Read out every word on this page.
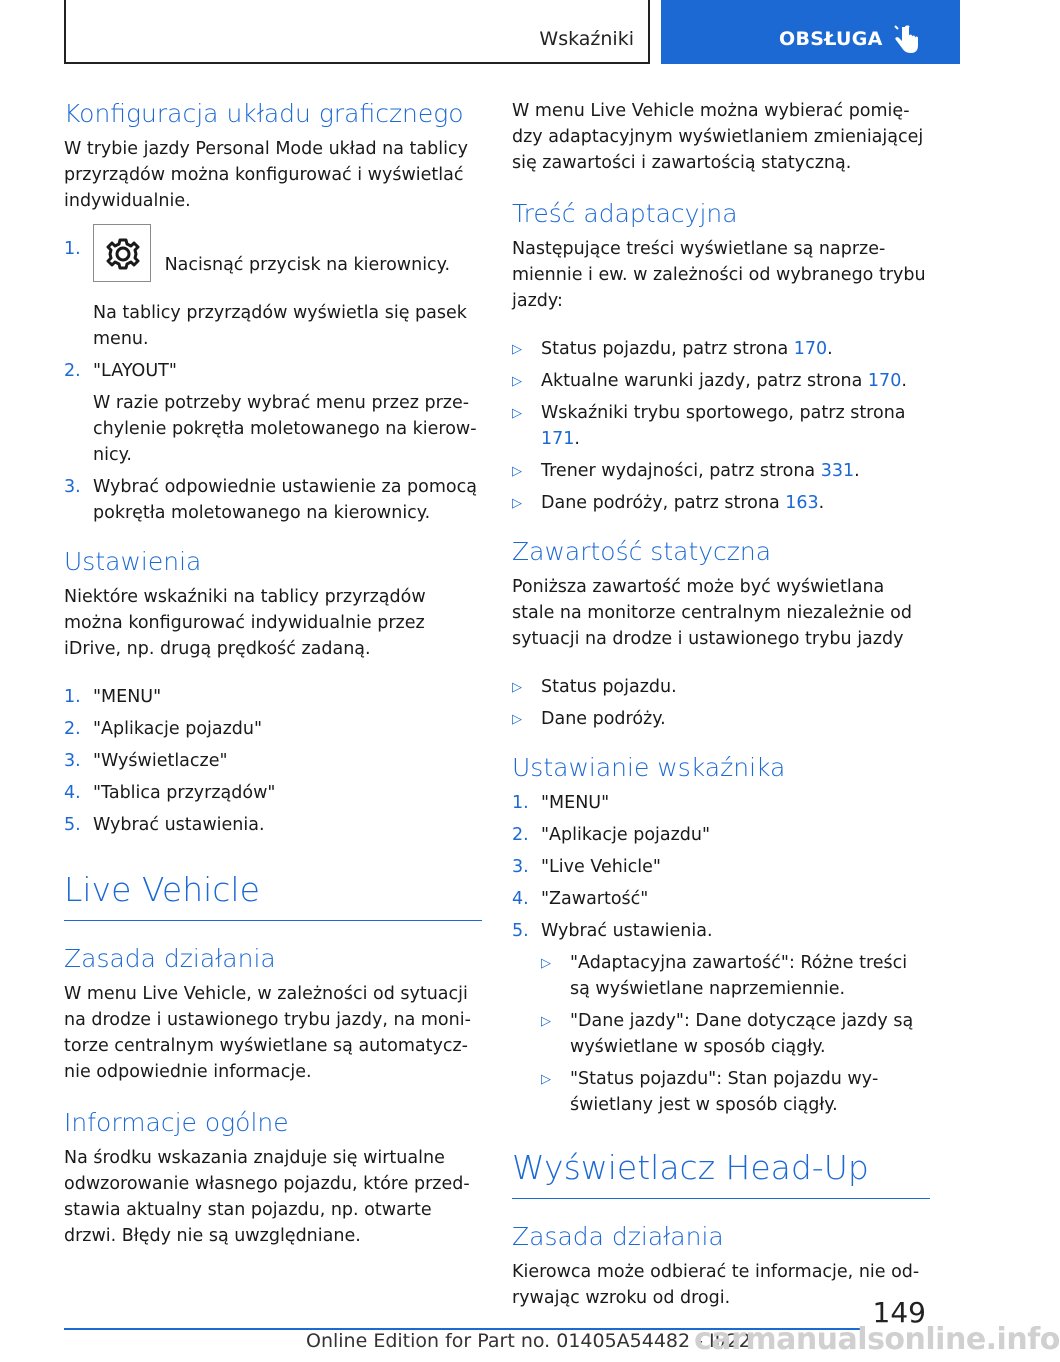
Wskaźniki	OBSŁUGA
Konfiguracja układu graficznego
W trybie jazdy Personal Mode układ na tablicy przyrządów można konfigurować i wyświetlać indywidualnie.
1.
Nacisnąć przycisk na kierownicy.
Na tablicy przyrządów wyświetla się pasek menu.
2. "LAYOUT"
W razie potrzeby wybrać menu przez przechylenie pokrętła moletowanego na kierownicy.
3. Wybrać odpowiednie ustawienie za pomocą pokrętła moletowanego na kierownicy.
Ustawienia
Niektóre wskaźniki na tablicy przyrządów można konfigurować indywidualnie przez iDrive, np. drugą prędkość zadaną.
1. "MENU"
2. "Aplikacje pojazdu"
3. "Wyświetlacze"
4. "Tablica przyrządów"
5. Wybrać ustawienia.
Live Vehicle
Zasada działania
W menu Live Vehicle, w zależności od sytuacji na drodze i ustawionego trybu jazdy, na monitorze centralnym wyświetlane są automatycznie odpowiednie informacje.
Informacje ogólne
Na środku wskazania znajduje się wirtualne odwzorowanie własnego pojazdu, które przedstawia aktualny stan pojazdu, np. otwarte drzwi. Błędy nie są uwzględniane.
W menu Live Vehicle można wybierać pomiędzy adaptacyjnym wyświetlaniem zmieniającej się zawartości i zawartością statyczną.
Treść adaptacyjna
Następujące treści wyświetlane są naprzemiennie i ew. w zależności od wybranego trybu jazdy:
▷ Status pojazdu, patrz strona 170.
▷ Aktualne warunki jazdy, patrz strona 170.
▷ Wskaźniki trybu sportowego, patrz strona 171.
▷ Trener wydajności, patrz strona 331.
▷ Dane podróży, patrz strona 163.
Zawartość statyczna
Poniższa zawartość może być wyświetlana stale na monitorze centralnym niezależnie od sytuacji na drodze i ustawionego trybu jazdy
▷ Status pojazdu.
▷ Dane podróży.
Ustawianie wskaźnika
1. "MENU"
2. "Aplikacje pojazdu"
3. "Live Vehicle"
4. "Zawartość"
5. Wybrać ustawienia.
▷ "Adaptacyjna zawartość": Różne treści są wyświetlane naprzemiennie.
▷ "Dane jazdy": Dane dotyczące jazdy są wyświetlane w sposób ciągły.
▷ "Status pojazdu": Stan pojazdu wyświetlany jest w sposób ciągły.
Wyświetlacz Head-Up
Zasada działania
Kierowca może odbierać te informacje, nie odrywając wzroku od drogi.	149
Online Edition for Part no. 01405A54482 - II/22
carmanualsonline.info
